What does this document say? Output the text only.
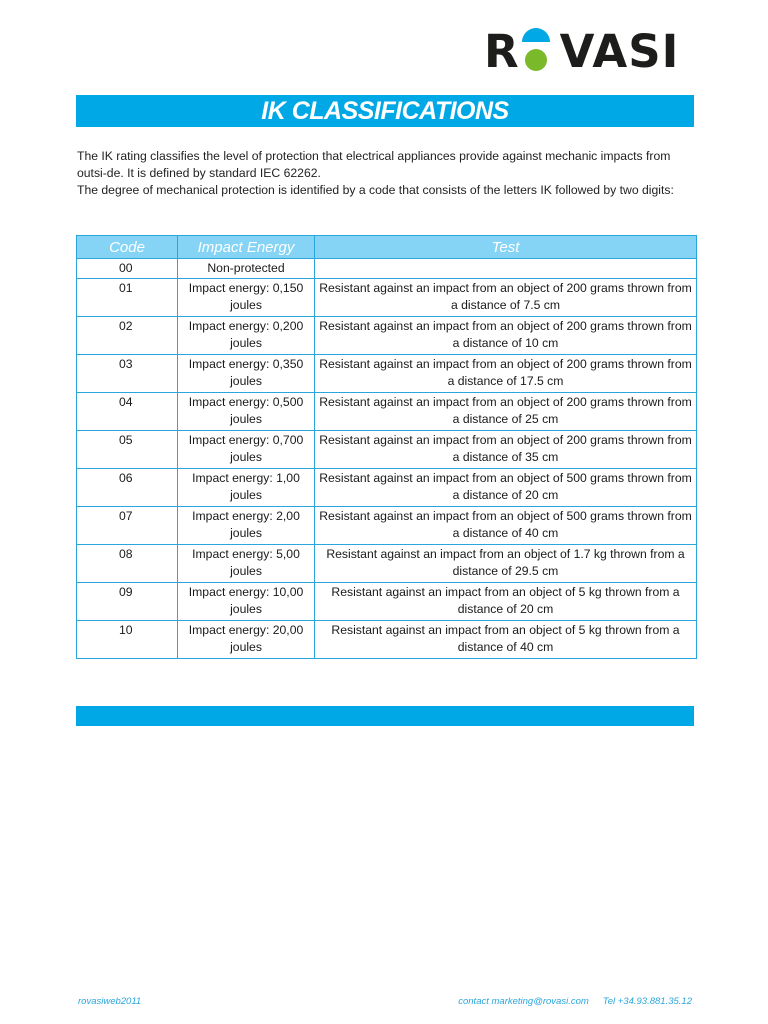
R VASI
IK CLASSIFICATIONS

The IK rating classifies the level of protection that electrical appliances provide against mechanic impacts from outsi-de. It is defined by standard IEC 62262.

The degree of mechanical protection is identified by a code that consists of the letters IK followed by two digits:

Code	Impact Energy	Test
00	Non-protected	
01	Impact energy: 0,150 joules	Resistant against an impact from an object of 200 grams thrown from a distance of 7.5 cm
02	Impact energy: 0,200 joules	Resistant against an impact from an object of 200 grams thrown from a distance of 10 cm
03	Impact energy: 0,350 joules	Resistant against an impact from an object of 200 grams thrown from a distance of 17.5 cm
04	Impact energy: 0,500 joules	Resistant against an impact from an object of 200 grams thrown from a distance of 25 cm
05	Impact energy: 0,700 joules	Resistant against an impact from an object of 200 grams thrown from a distance of 35 cm
06	Impact energy: 1,00 joules	Resistant against an impact from an object of 500 grams thrown from a distance of 20 cm
07	Impact energy: 2,00 joules	Resistant against an impact from an object of 500 grams thrown from a distance of 40 cm
08	Impact energy: 5,00 joules	Resistant against an impact from an object of 1.7 kg thrown from a distance of 29.5 cm
09	Impact energy: 10,00 joules	Resistant against an impact from an object of 5 kg thrown from a distance of 20 cm
10	Impact energy: 20,00 joules	Resistant against an impact from an object of 5 kg thrown from a distance of 40 cm
rovasiweb2011	contact marketing@rovasi.com Tel +34.93.881.35.12
